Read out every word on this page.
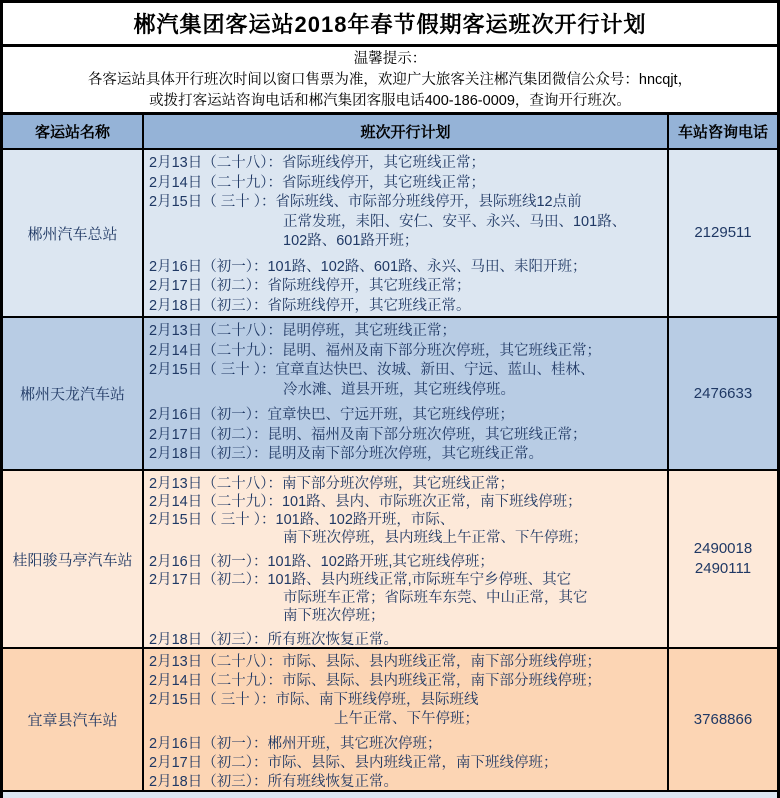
郴汽集团客运站2018年春节假期客运班次开行计划
温馨提示：
各客运站具体开行班次时间以窗口售票为准，欢迎广大旅客关注郴汽集团微信公众号：hncqjt，
或拨打客运站咨询电话和郴汽集团客服电话400-186-0009，查询开行班次。
客运站名称	班次开行计划	车站咨询电话
郴州汽车总站
2月13日（二十八）：省际班线停开，其它班线正常；
2月14日（二十九）：省际班线停开，其它班线正常；
2月15日（ 三十 ）：省际班线、市际部分班线停开，县际班线12点前
正常发班，耒阳、安仁、安平、永兴、马田、101路、
102路、601路开班；
2月16日（初一）：101路、102路、601路、永兴、马田、耒阳开班；
2月17日（初二）：省际班线停开，其它班线正常；
2月18日（初三）：省际班线停开，其它班线正常。
2129511
郴州天龙汽车站
2月13日（二十八）：昆明停班，其它班线正常；
2月14日（二十九）：昆明、福州及南下部分班次停班，其它班线正常；
2月15日（ 三十 ）：宜章直达快巴、汝城、新田、宁远、蓝山、桂林、
冷水滩、道县开班，其它班线停班。
2月16日（初一）：宜章快巴、宁远开班，其它班线停班；
2月17日（初二）：昆明、福州及南下部分班次停班，其它班线正常；
2月18日（初三）：昆明及南下部分班次停班，其它班线正常。
2476633
桂阳骏马亭汽车站
2月13日（二十八）：南下部分班次停班，其它班线正常；
2月14日（二十九）：101路、县内、市际班次正常，南下班线停班；
2月15日（ 三十 ）：101路、102路开班，市际、
南下班次停班，县内班线上午正常、下午停班；
2月16日（初一）：101路、102路开班,其它班线停班；
2月17日（初二）：101路、县内班线正常,市际班车宁乡停班、其它
市际班车正常；省际班车东莞、中山正常，其它
南下班次停班；
2月18日（初三）：所有班次恢复正常。
2490018
2490111
宜章县汽车站
2月13日（二十八）：市际、县际、县内班线正常，南下部分班线停班；
2月14日（二十九）：市际、县际、县内班线正常，南下部分班线停班；
2月15日（ 三十 ）：市际、南下班线停班，县际班线
上午正常、下午停班；
2月16日（初一）：郴州开班，其它班次停班；
2月17日（初二）：市际、县际、县内班线正常，南下班线停班；
2月18日（初三）：所有班线恢复正常。
3768866
